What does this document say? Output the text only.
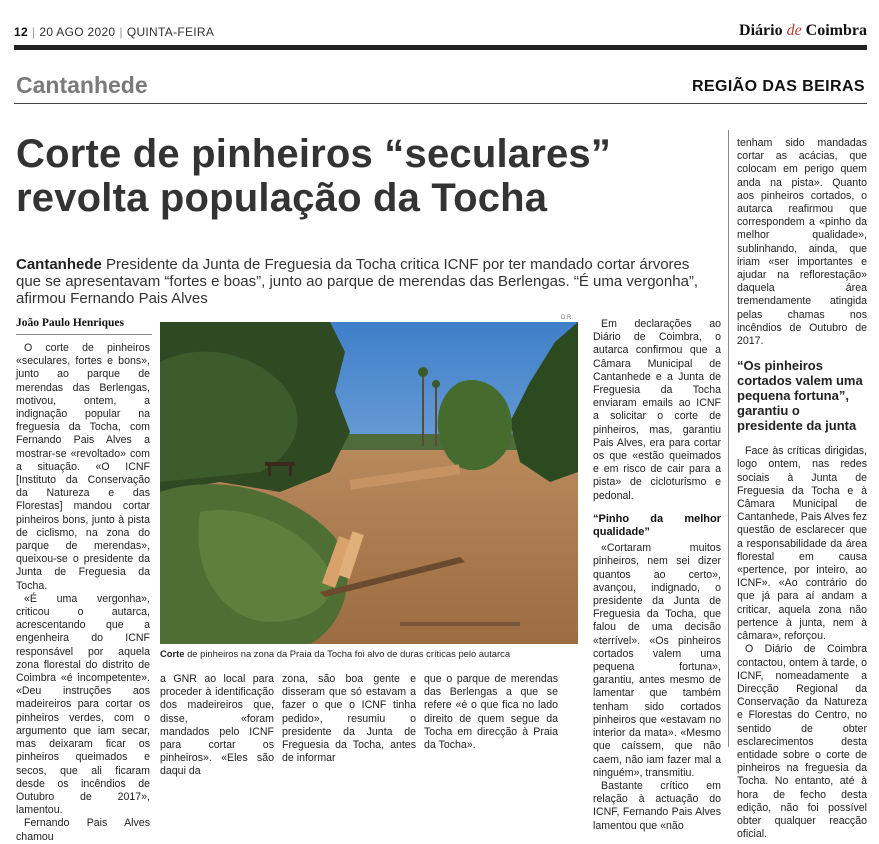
12 | 20 AGO 2020 | QUINTA-FEIRA	Diário de Coimbra
Cantanhede	REGIÃO DAS BEIRAS
Corte de pinheiros “seculares” revolta população da Tocha
Cantanhede Presidente da Junta de Freguesia da Tocha critica ICNF por ter mandado cortar árvores que se apresentavam “fortes e boas”, junto ao parque de merendas das Berlengas. “É uma vergonha”, afirmou Fernando Pais Alves
João Paulo Henriques

O corte de pinheiros «seculares, fortes e bons», junto ao parque de merendas das Berlengas, motivou, ontem, a indignação popular na freguesia da Tocha, com Fernando Pais Alves a mostrar-se «revoltado» com a situação. «O ICNF [Instituto da Conservação da Natureza e das Florestas] mandou cortar pinheiros bons, junto à pista de ciclismo, na zona do parque de merendas», queixou-se o presidente da Junta de Freguesia da Tocha.

«É uma vergonha», criticou o autarca, acrescentando que a engenheira do ICNF responsável por aquela zona florestal do distrito de Coimbra «é incompetente». «Deu instruções aos madeireiros para cortar os pinheiros verdes, com o argumento que iam secar, mas deixaram ficar os pinheiros queimados e secos, que ali ficaram desde os incêndios de Outubro de 2017», lamentou.

Fernando Pais Alves chamou

D.R.
Corte de pinheiros na zona da Praia da Tocha foi alvo de duras críticas pelo autarca

a GNR ao local para proceder à identificação dos madeireiros que, disse, «foram mandados pelo ICNF para cortar os pinheiros». «Eles são daqui da

zona, são boa gente e disseram que só estavam a fazer o que o ICNF tinha pedido», resumiu o presidente da Junta de Freguesia da Tocha, antes de informar

que o parque de merendas das Berlengas a que se refere «é o que fica no lado direito de quem segue da Tocha em direcção à Praia da Tocha».

Em declarações ao Diário de Coimbra, o autarca confirmou que a Câmara Municipal de Cantanhede e a Junta de Freguesia da Tocha enviaram emails ao ICNF a solicitar o corte de pinheiros, mas, garantiu Pais Alves, era para cortar os que «estão queimados e em risco de cair para a pista» de cicloturismo e pedonal.

“Pinho da melhor qualidade”

«Cortaram muitos pinheiros, nem sei dizer quantos ao certo», avançou, indignado, o presidente da Junta de Freguesia da Tocha, que falou de uma decisão «terrível». «Os pinheiros cortados valem uma pequena fortuna», garantiu, antes mesmo de lamentar que também tenham sido cortados pinheiros que «estavam no interior da mata». «Mesmo que caíssem, que não caem, não iam fazer mal a ninguém», transmitiu.

Bastante crítico em relação à actuação do ICNF, Fernando Pais Alves lamentou que «não

tenham sido mandadas cortar as acácias, que colocam em perigo quem anda na pista». Quanto aos pinheiros cortados, o autarca reafirmou que correspondem a «pinho da melhor qualidade», sublinhando, ainda, que iriam «ser importantes e ajudar na reflorestação» daquela área tremendamente atingida pelas chamas nos incêndios de Outubro de 2017.

“Os pinheiros cortados valem uma pequena fortuna”, garantiu o presidente da junta

Face às críticas dirigidas, logo ontem, nas redes sociais à Junta de Freguesia da Tocha e à Câmara Municipal de Cantanhede, Pais Alves fez questão de esclarecer que a responsabilidade da área florestal em causa «pertence, por inteiro, ao ICNF». «Ao contrário do que já para aí andam a criticar, aquela zona não pertence à junta, nem à câmara», reforçou.

O Diário de Coimbra contactou, ontem à tarde, o ICNF, nomeadamente a Direcção Regional da Conservação da Natureza e Florestas do Centro, no sentido de obter esclarecimentos desta entidade sobre o corte de pinheiros na freguesia da Tocha. No entanto, até à hora de fecho desta edição, não foi possível obter qualquer reacção oficial.
